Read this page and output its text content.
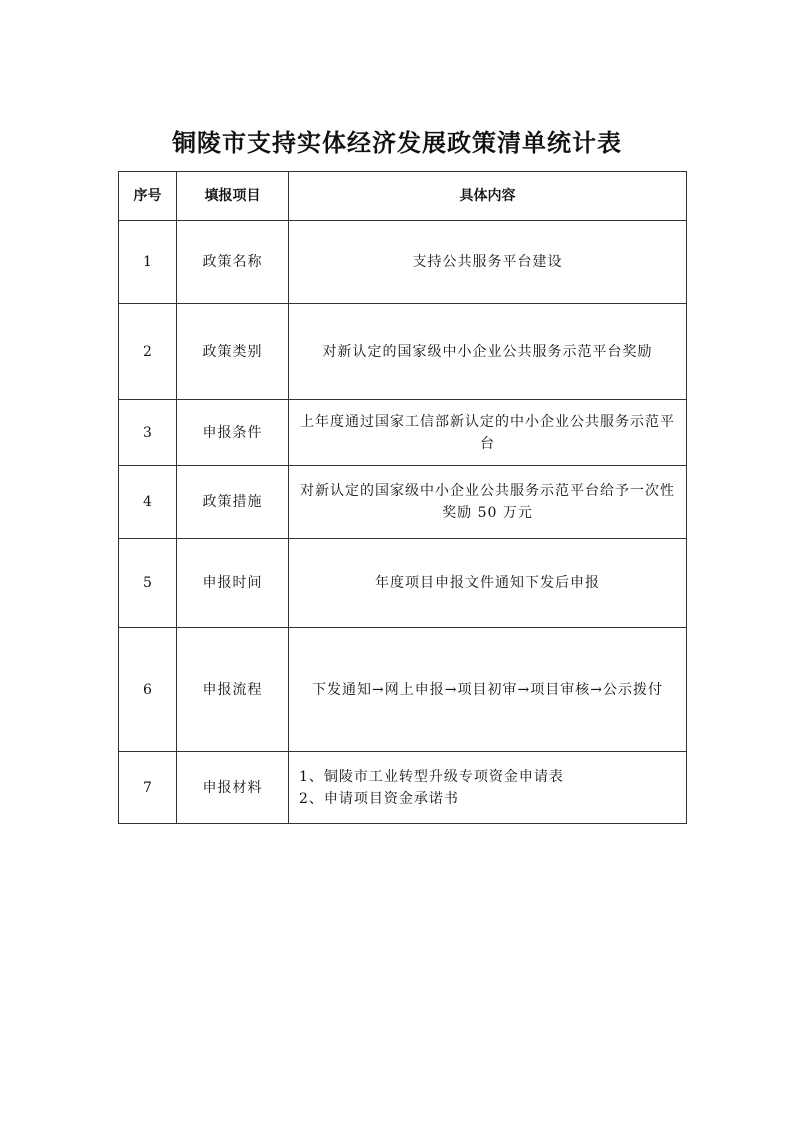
铜陵市支持实体经济发展政策清单统计表
序号	填报项目	具体内容
1	政策名称	支持公共服务平台建设
2	政策类别	对新认定的国家级中小企业公共服务示范平台奖励
3	申报条件	上年度通过国家工信部新认定的中小企业公共服务示范平台
4	政策措施	对新认定的国家级中小企业公共服务示范平台给予一次性奖励 50 万元
5	申报时间	年度项目申报文件通知下发后申报
6	申报流程	下发通知→网上申报→项目初审→项目审核→公示拨付
7	申报材料	1、铜陵市工业转型升级专项资金申请表
2、申请项目资金承诺书
